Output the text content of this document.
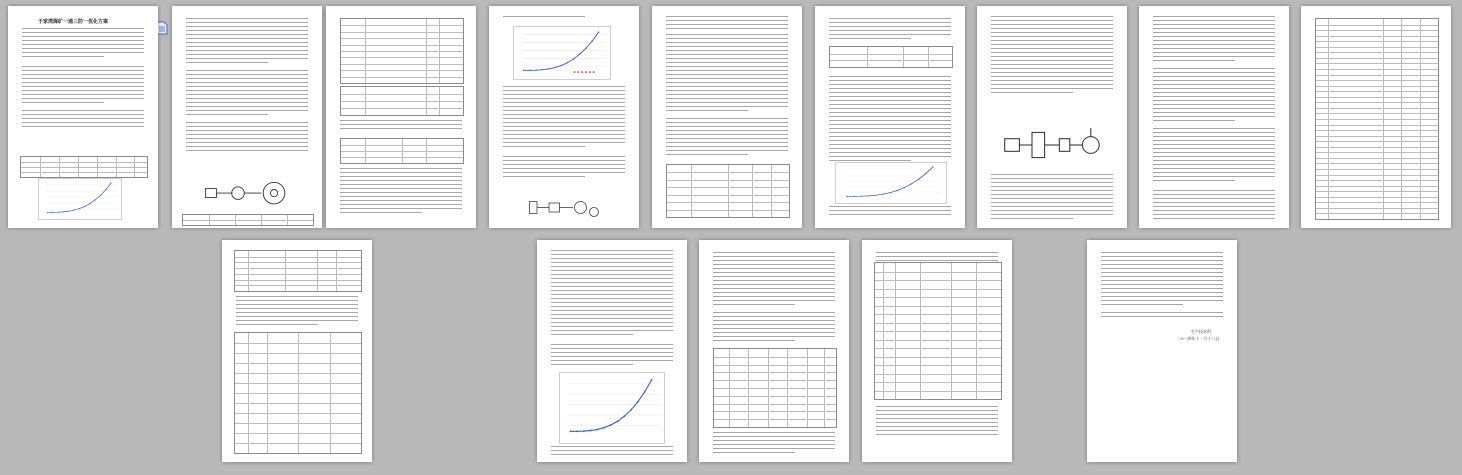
于家湾煤矿一通三防一优化方案
生产技术科
二0一四年十一月十八日
